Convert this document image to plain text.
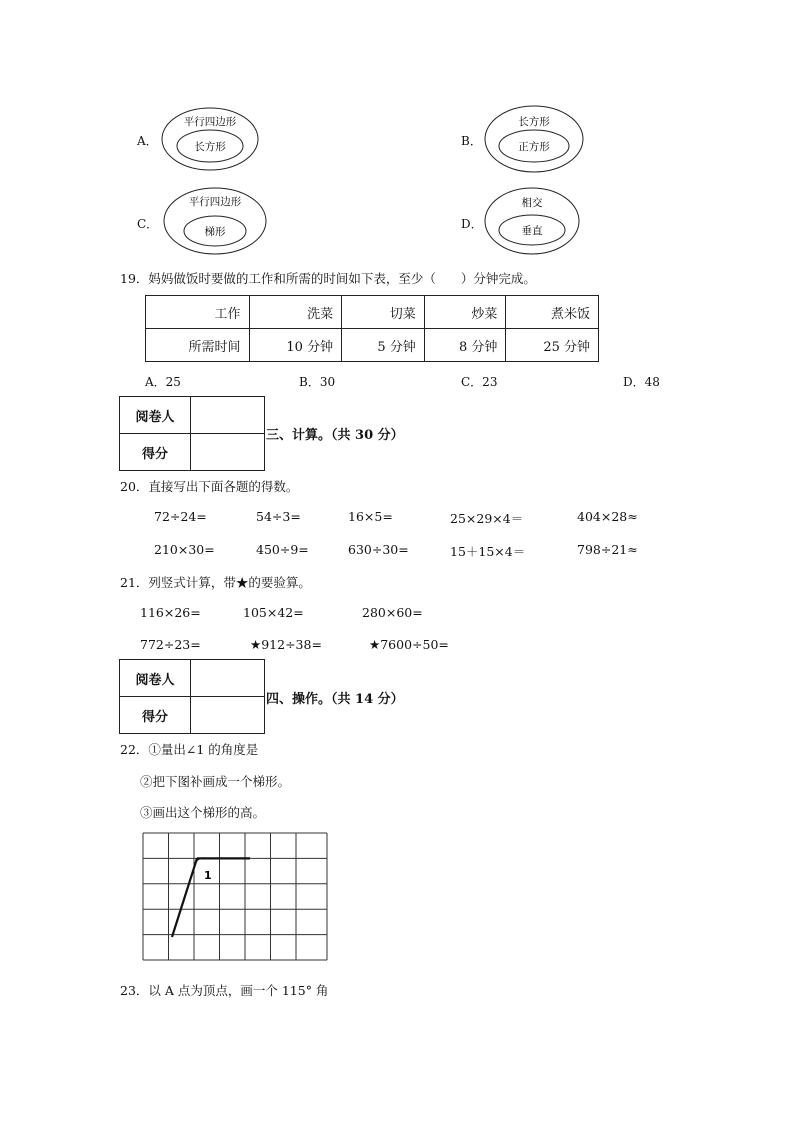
A．
平行四边形
长方形	B．
长方形
正方形
C．
平行四边形
梯形
D．
相交
垂直
19．妈妈做饭时要做的工作和所需的时间如下表，至少（　　）分钟完成。
工作	洗菜	切菜	炒菜	煮米饭
所需时间	10 分钟	5 分钟	8 分钟	25 分钟
A．25	B．30	C．23	D．48
阅卷人	
得分	
三、计算。（共 30 分）
20．直接写出下面各题的得数。
72÷24=	54÷3=	16×5=	25×29×4＝	404×28≈
210×30=	450÷9=	630÷30=	15＋15×4＝	798÷21≈
21．列竖式计算，带★的要验算。
116×26=	105×42=	280×60=
772÷23=	★912÷38=	★7600÷50=
阅卷人	
得分	
四、操作。（共 14 分）
22．①量出∠1 的角度是
②把下图补画成一个梯形。
③画出这个梯形的高。
1
23．以 A 点为顶点，画一个 115° 角
